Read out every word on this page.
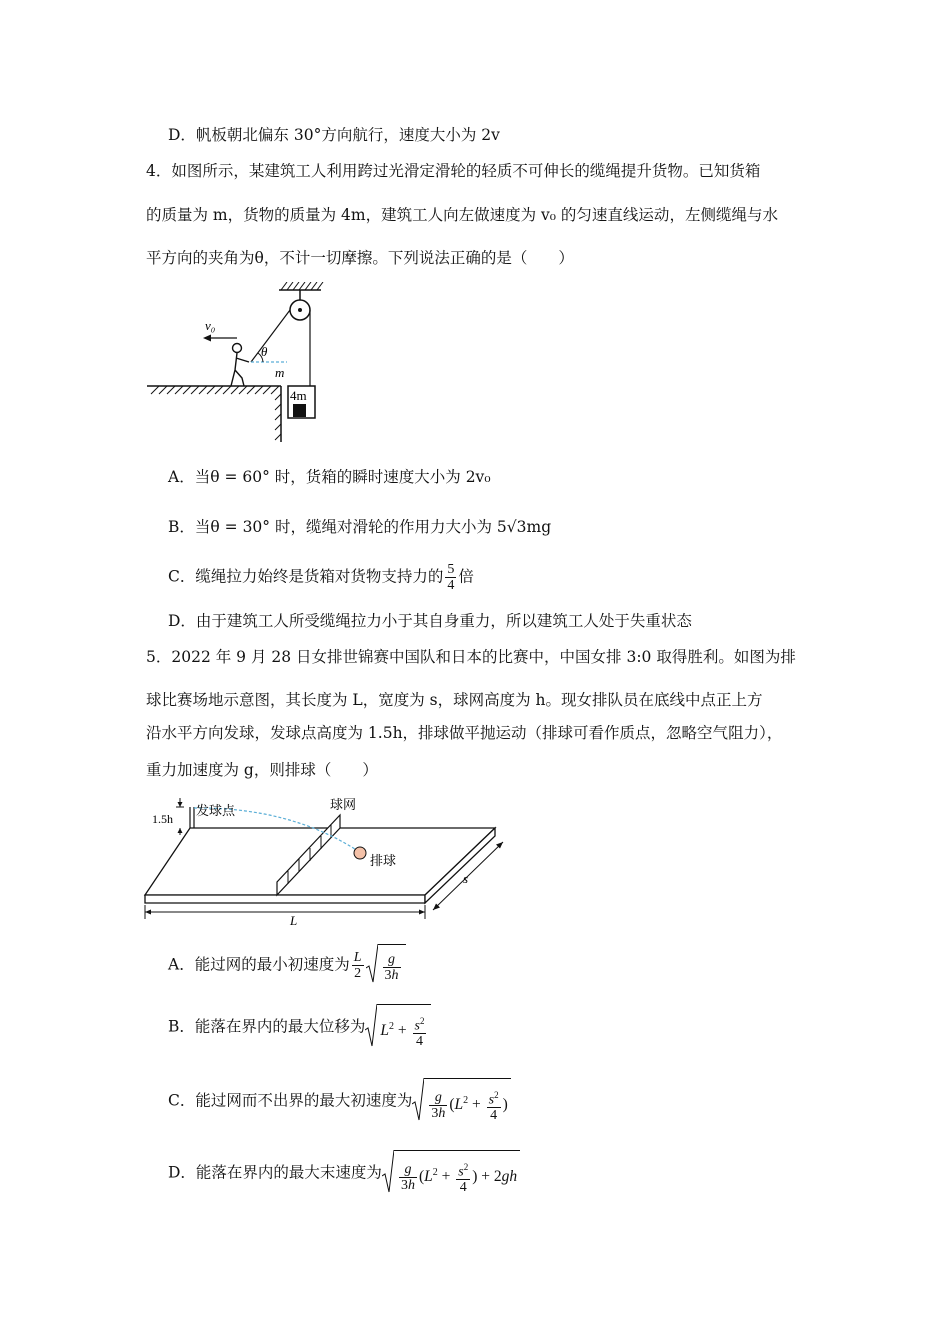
D．帆板朝北偏东 30°方向航行，速度大小为 2v
4．如图所示，某建筑工人利用跨过光滑定滑轮的轻质不可伸长的缆绳提升货物。已知货箱
的质量为 m，货物的质量为 4m，建筑工人向左做速度为 v₀ 的匀速直线运动，左侧缆绳与水
平方向的夹角为θ，不计一切摩擦。下列说法正确的是（　　）
θ
m
4m
v₀
A．当θ = 60° 时，货箱的瞬时速度大小为 2v₀
B．当θ = 30° 时，缆绳对滑轮的作用力大小为 5√3mg
C．缆绳拉力始终是货箱对货物支持力的 $\frac{5}{4}$ 倍
D．由于建筑工人所受缆绳拉力小于其自身重力，所以建筑工人处于失重状态
5．2022 年 9 月 28 日女排世锦赛中国队和日本的比赛中，中国女排 3:0 取得胜利。如图为排
球比赛场地示意图，其长度为 L，宽度为 s，球网高度为 h。现女排队员在底线中点正上方
沿水平方向发球，发球点高度为 1.5h，排球做平抛运动（排球可看作质点，忽略空气阻力），
重力加速度为 g，则排球（　　）
1.5h
发球点	球网
排球
L
s
A．能过网的最小初速度为 $\frac{L}{2} \frac{g}{3h}$
B．能落在界内的最大位移为 $L^2 + \frac{s^2}{4}$
C．能过网而不出界的最大初速度为 $\frac{g}{3h} (L^2 + \frac{s^2}{4}$ )
D．能落在界内的最大末速度为 $\frac{g}{3h} (L^2 + \frac{s^2}{4}$ ) + 2gh
